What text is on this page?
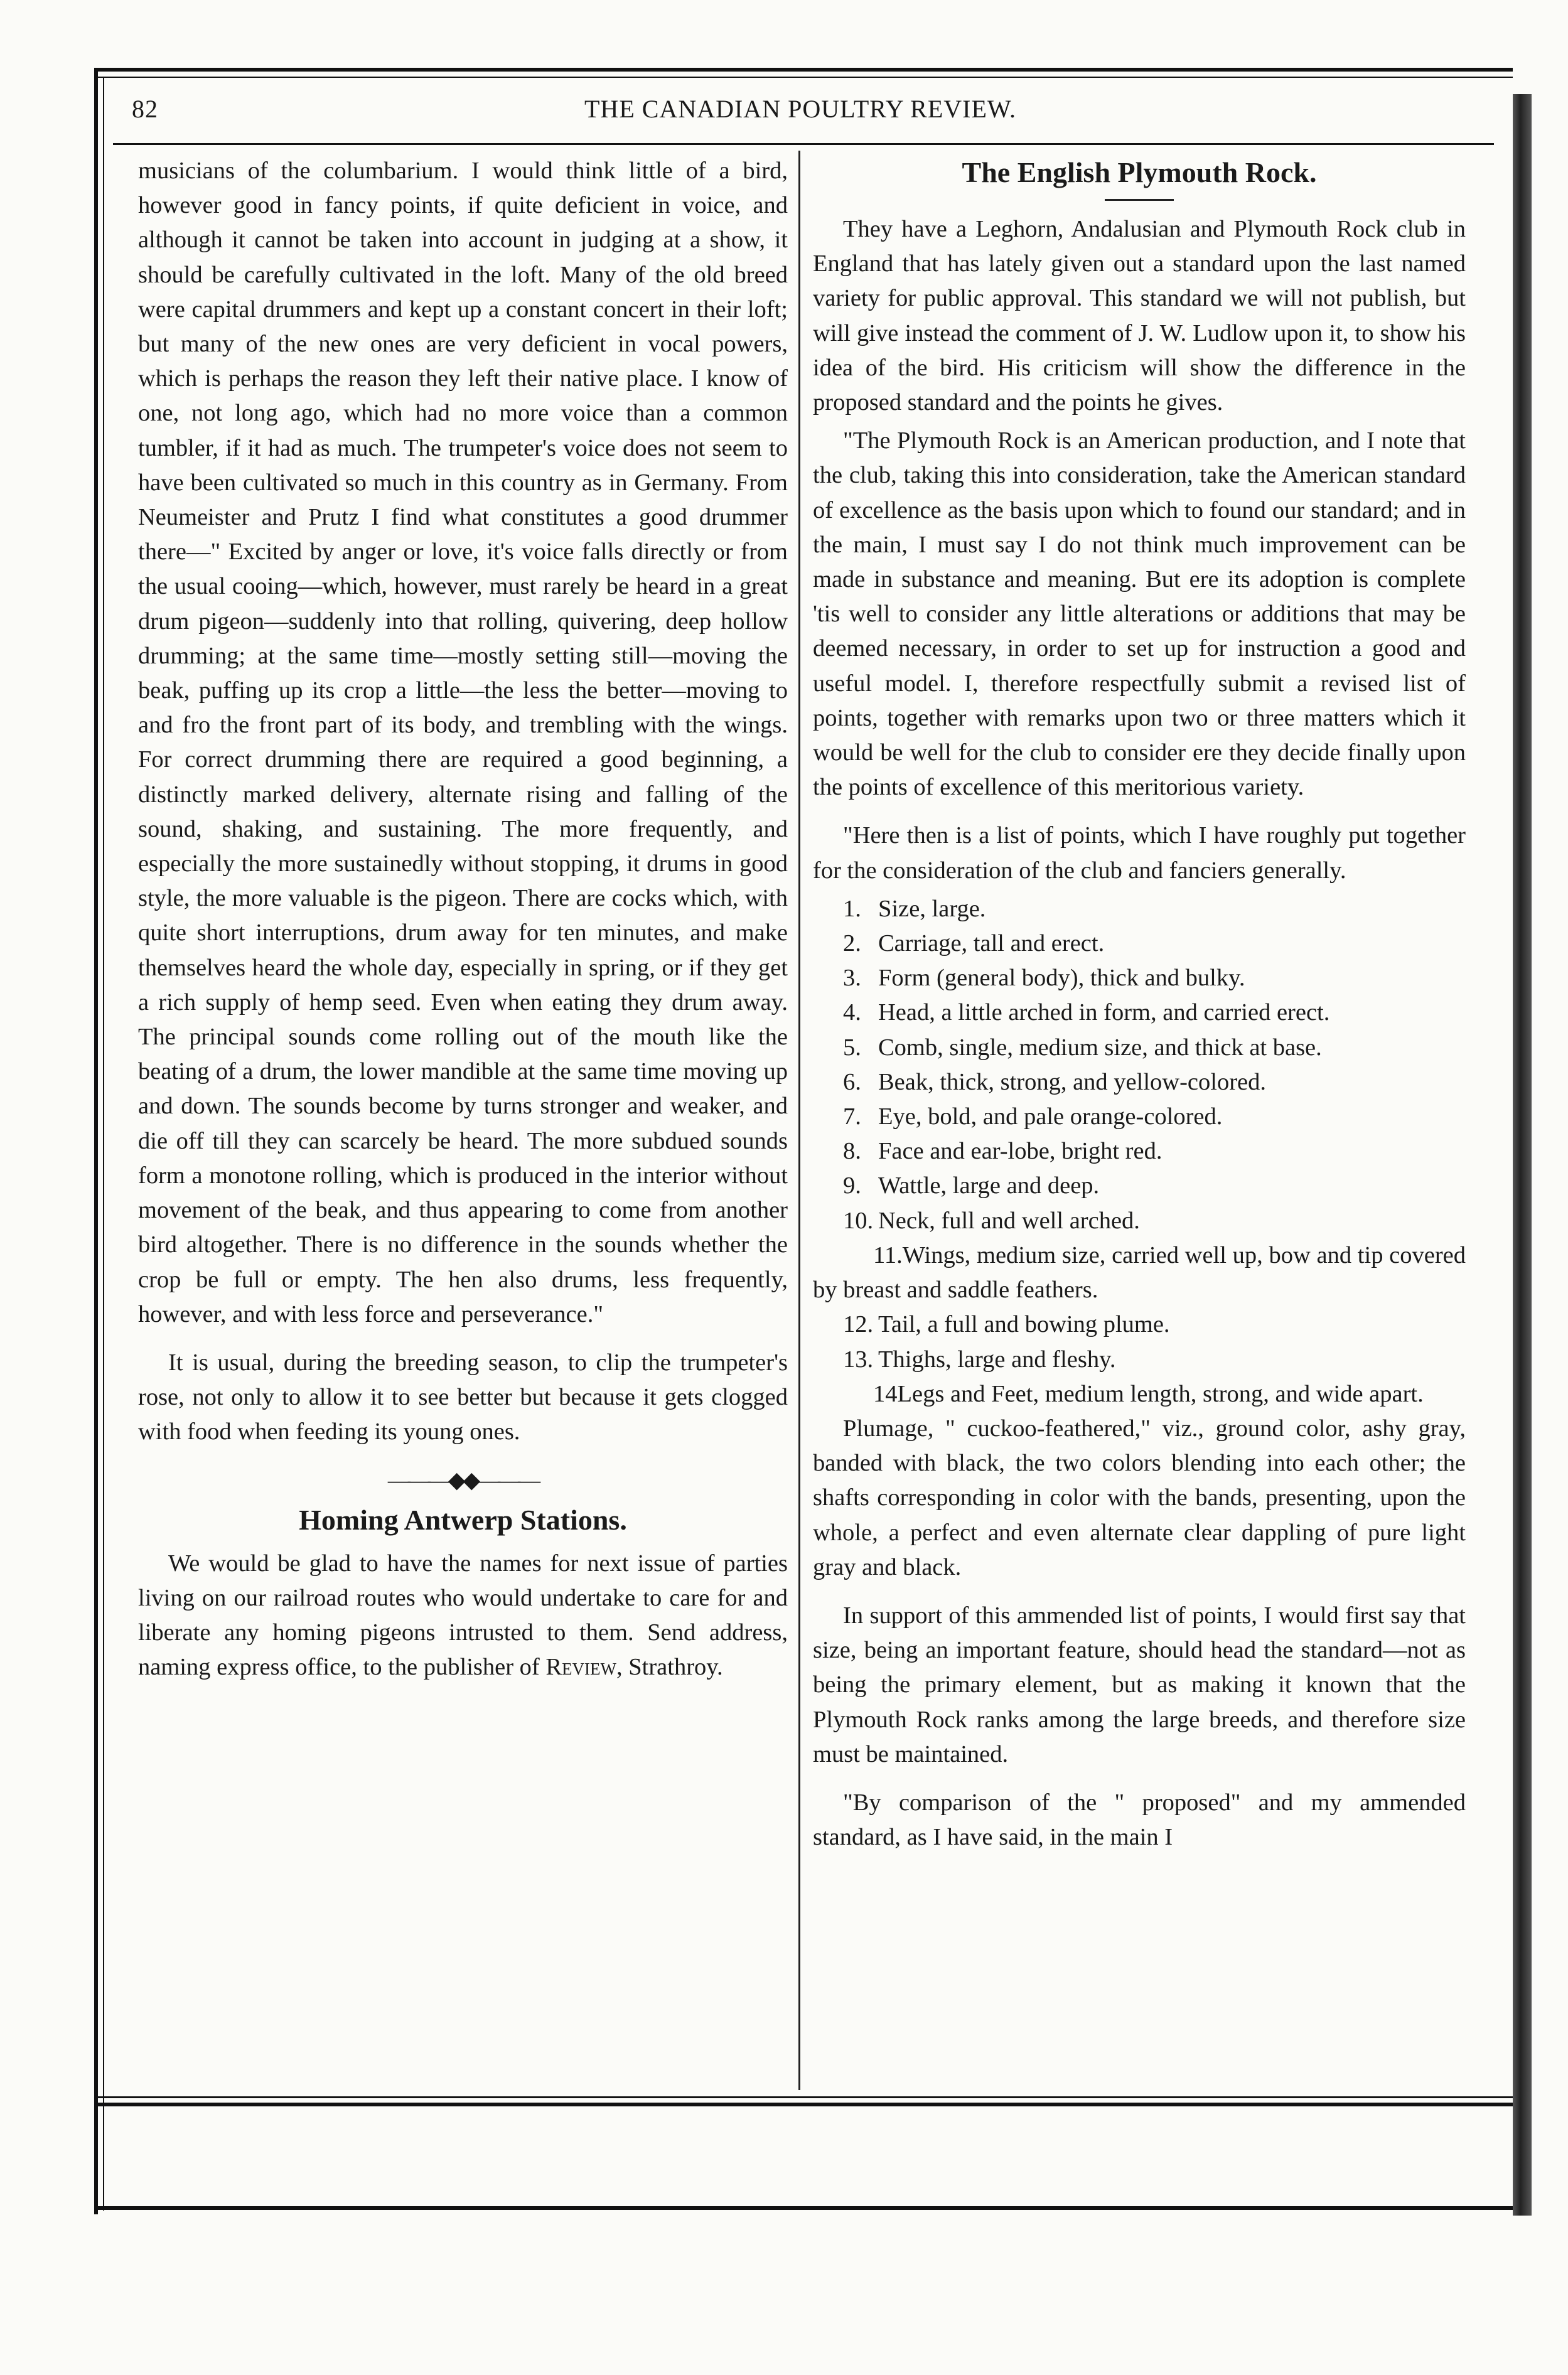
82	THE CANADIAN POULTRY REVIEW.

musicians of the columbarium. I would think little of a bird, however good in fancy points, if quite deficient in voice, and although it cannot be taken into account in judging at a show, it should be carefully cultivated in the loft. Many of the old breed were capital drummers and kept up a constant concert in their loft; but many of the new ones are very deficient in vocal powers, which is perhaps the reason they left their native place. I know of one, not long ago, which had no more voice than a common tumbler, if it had as much. The trumpeter's voice does not seem to have been cultivated so much in this country as in Germany. From Neumeister and Prutz I find what constitutes a good drummer there—" Excited by anger or love, it's voice falls directly or from the usual cooing—which, however, must rarely be heard in a great drum pigeon—suddenly into that rolling, quivering, deep hollow drumming; at the same time—mostly setting still—moving the beak, puffing up its crop a little—the less the better—moving to and fro the front part of its body, and trembling with the wings. For correct drumming there are required a good beginning, a distinctly marked delivery, alternate rising and falling of the sound, shaking, and sustaining. The more frequently, and especially the more sustainedly without stopping, it drums in good style, the more valuable is the pigeon. There are cocks which, with quite short interruptions, drum away for ten minutes, and make themselves heard the whole day, especially in spring, or if they get a rich supply of hemp seed. Even when eating they drum away. The principal sounds come rolling out of the mouth like the beating of a drum, the lower mandible at the same time moving up and down. The sounds become by turns stronger and weaker, and die off till they can scarcely be heard. The more subdued sounds form a monotone rolling, which is produced in the interior without movement of the beak, and thus appearing to come from another bird altogether. There is no difference in the sounds whether the crop be full or empty. The hen also drums, less frequently, however, and with less force and perseverance."

It is usual, during the breeding season, to clip the trumpeter's rose, not only to allow it to see better but because it gets clogged with food when feeding its young ones.

———◆◆———
Homing Antwerp Stations.

We would be glad to have the names for next issue of parties living on our railroad routes who would undertake to care for and liberate any homing pigeons intrusted to them. Send address, naming express office, to the publisher of Review, Strathroy.

The English Plymouth Rock.

They have a Leghorn, Andalusian and Plymouth Rock club in England that has lately given out a standard upon the last named variety for public approval. This standard we will not publish, but will give instead the comment of J. W. Ludlow upon it, to show his idea of the bird. His criticism will show the difference in the proposed standard and the points he gives.

"The Plymouth Rock is an American production, and I note that the club, taking this into consideration, take the American standard of excellence as the basis upon which to found our standard; and in the main, I must say I do not think much improvement can be made in substance and meaning. But ere its adoption is complete 'tis well to consider any little alterations or additions that may be deemed necessary, in order to set up for instruction a good and useful model. I, therefore respectfully submit a revised list of points, together with remarks upon two or three matters which it would be well for the club to consider ere they decide finally upon the points of excellence of this meritorious variety.

"Here then is a list of points, which I have roughly put together for the consideration of the club and fanciers generally.

1. Size, large.
2. Carriage, tall and erect.
3. Form (general body), thick and bulky.
4. Head, a little arched in form, and carried erect.
5. Comb, single, medium size, and thick at base.
6. Beak, thick, strong, and yellow-colored.
7. Eye, bold, and pale orange-colored.
8. Face and ear-lobe, bright red.
9. Wattle, large and deep.
10. Neck, full and well arched.
11.Wings, medium size, carried well up, bow and tip covered by breast and saddle feathers.
12. Tail, a full and bowing plume.
13. Thighs, large and fleshy.
14Legs and Feet, medium length, strong, and wide apart.

Plumage, " cuckoo-feathered," viz., ground color, ashy gray, banded with black, the two colors blending into each other; the shafts corresponding in color with the bands, presenting, upon the whole, a perfect and even alternate clear dappling of pure light gray and black.

In support of this ammended list of points, I would first say that size, being an important feature, should head the standard—not as being the primary element, but as making it known that the Plymouth Rock ranks among the large breeds, and therefore size must be maintained.

"By comparison of the " proposed" and my ammended standard, as I have said, in the main I
